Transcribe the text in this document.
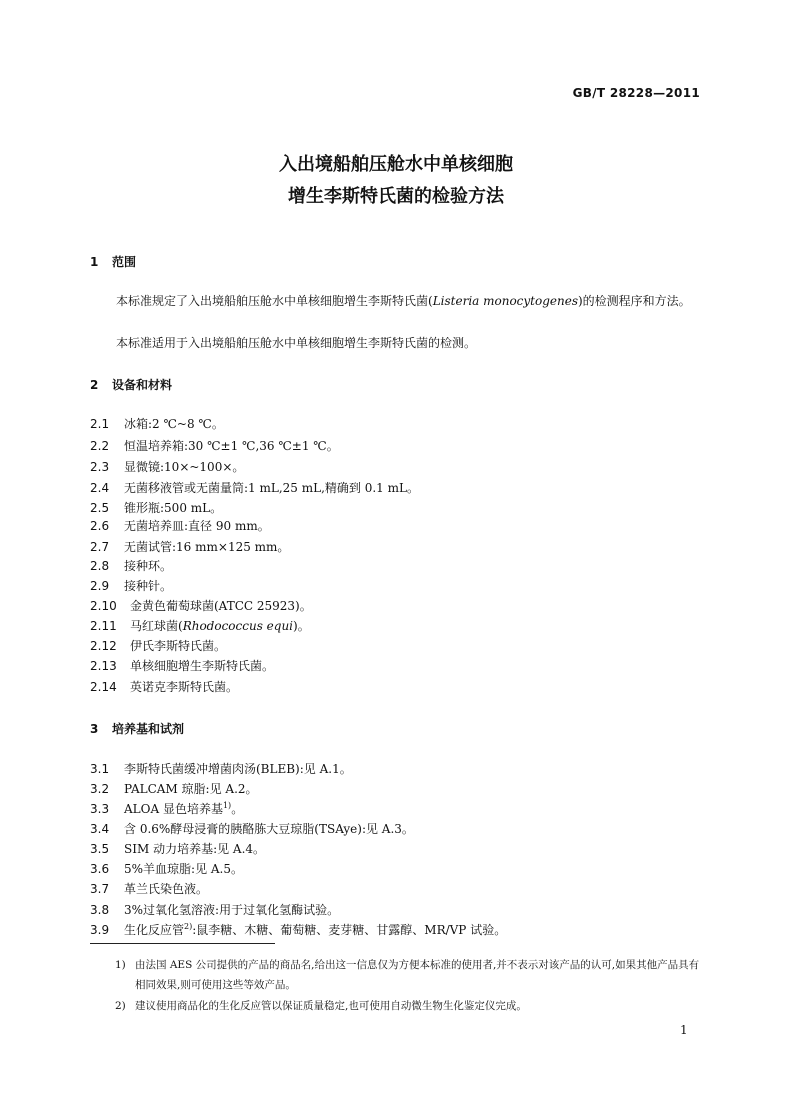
GB/T 28228—2011
入出境船舶压舱水中单核细胞
增生李斯特氏菌的检验方法
1 范围
本标准规定了入出境船舶压舱水中单核细胞增生李斯特氏菌(Listeria monocytogenes)的检测程序和方法。
本标准适用于入出境船舶压舱水中单核细胞增生李斯特氏菌的检测。
2 设备和材料
2.1 冰箱:2 ℃~8 ℃。
2.2 恒温培养箱:30 ℃±1 ℃,36 ℃±1 ℃。
2.3 显微镜:10×~100×。
2.4 无菌移液管或无菌量筒:1 mL,25 mL,精确到 0.1 mL。
2.5 锥形瓶:500 mL。
2.6 无菌培养皿:直径 90 mm。
2.7 无菌试管:16 mm×125 mm。
2.8 接种环。
2.9 接种针。
2.10 金黄色葡萄球菌(ATCC 25923)。
2.11 马红球菌(Rhodococcus equi)。
2.12 伊氏李斯特氏菌。
2.13 单核细胞增生李斯特氏菌。
2.14 英诺克李斯特氏菌。
3 培养基和试剂
3.1 李斯特氏菌缓冲增菌肉汤(BLEB):见 A.1。
3.2 PALCAM 琼脂:见 A.2。
3.3 ALOA 显色培养基$^{1)}$。
3.4 含 0.6%酵母浸膏的胰酪胨大豆琼脂(TSAye):见 A.3。
3.5 SIM 动力培养基:见 A.4。
3.6 5%羊血琼脂:见 A.5。
3.7 革兰氏染色液。
3.8 3%过氧化氢溶液:用于过氧化氢酶试验。
3.9 生化反应管$^{2)}$:鼠李糖、木糖、葡萄糖、麦芽糖、甘露醇、MR/VP 试验。
1) 由法国 AES 公司提供的产品的商品名,给出这一信息仅为方便本标准的使用者,并不表示对该产品的认可,如果其他产品具有相同效果,则可使用这些等效产品。
2) 建议使用商品化的生化反应管以保证质量稳定,也可使用自动微生物生化鉴定仪完成。
1
